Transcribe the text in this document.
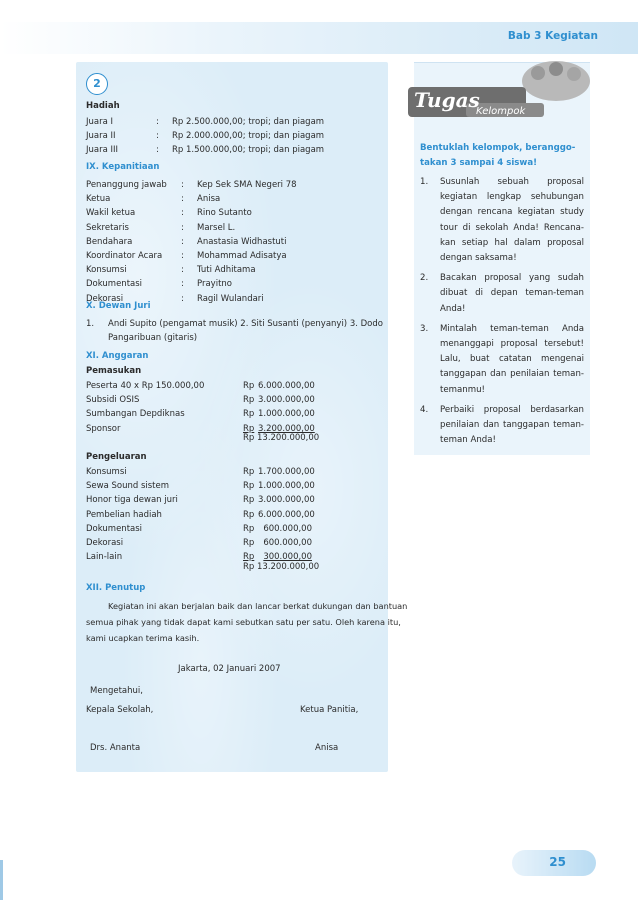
Bab 3 Kegiatan
2
Hadiah
Juara I	: Rp 2.500.000,00; tropi; dan piagam
Juara II	: Rp 2.000.000,00; tropi; dan piagam
Juara III	: Rp 1.500.000,00; tropi; dan piagam
IX. Kepanitiaan
Penanggung jawab : Kep Sek SMA Negeri 78
Ketua	: Anisa
Wakil ketua	: Rino Sutanto
Sekretaris	: Marsel L.
Bendahara	: Anastasia Widhastuti
Koordinator Acara : Mohammad Adisatya
Konsumsi	: Tuti Adhitama
Dokumentasi	: Prayitno
Dekorasi	: Ragil Wulandari
X. Dewan Juri
1. Andi Supito (pengamat musik) 2. Siti Susanti (penyanyi) 3. Dodo
Pangaribuan (gitaris)
XI. Anggaran
Pemasukan
Peserta 40 x Rp 150.000,00	Rp 6.000.000,00
Subsidi OSIS	Rp 3.000.000,00
Sumbangan Depdiknas	Rp 1.000.000,00
Sponsor	Rp 3.200.000,00
Rp 13.200.000,00
Pengeluaran
Konsumsi	Rp 1.700.000,00
Sewa Sound sistem	Rp 1.000.000,00
Honor tiga dewan juri	Rp 3.000.000,00
Pembelian hadiah	Rp 6.000.000,00
Dokumentasi	Rp	600.000,00
Dekorasi	Rp	600.000,00
Lain-lain	Rp	300.000,00
Rp 13.200.000,00
XII. Penutup
Kegiatan ini akan berjalan baik dan lancar berkat dukungan dan bantuan
semua pihak yang tidak dapat kami sebutkan satu per satu. Oleh karena itu,
kami ucapkan terima kasih.
Jakarta, 02 Januari 2007
Mengetahui,
Kepala Sekolah,	Ketua Panitia,
Drs. Ananta	Anisa
Tugas
Kelompok
Bentuklah kelompok, beranggo-takan 3 sampai 4 siswa!
1. Susunlah sebuah proposal kegiatan lengkap sehubungan dengan rencana kegiatan study tour di sekolah Anda! Rencana-kan setiap hal dalam proposal dengan saksama!
2. Bacakan proposal yang sudah dibuat di depan teman-teman Anda!
3. Mintalah teman-teman Anda menanggapi proposal tersebut! Lalu, buat catatan mengenai tanggapan dan penilaian teman-temanmu!
4. Perbaiki proposal berdasarkan penilaian dan tanggapan teman-teman Anda!
25
